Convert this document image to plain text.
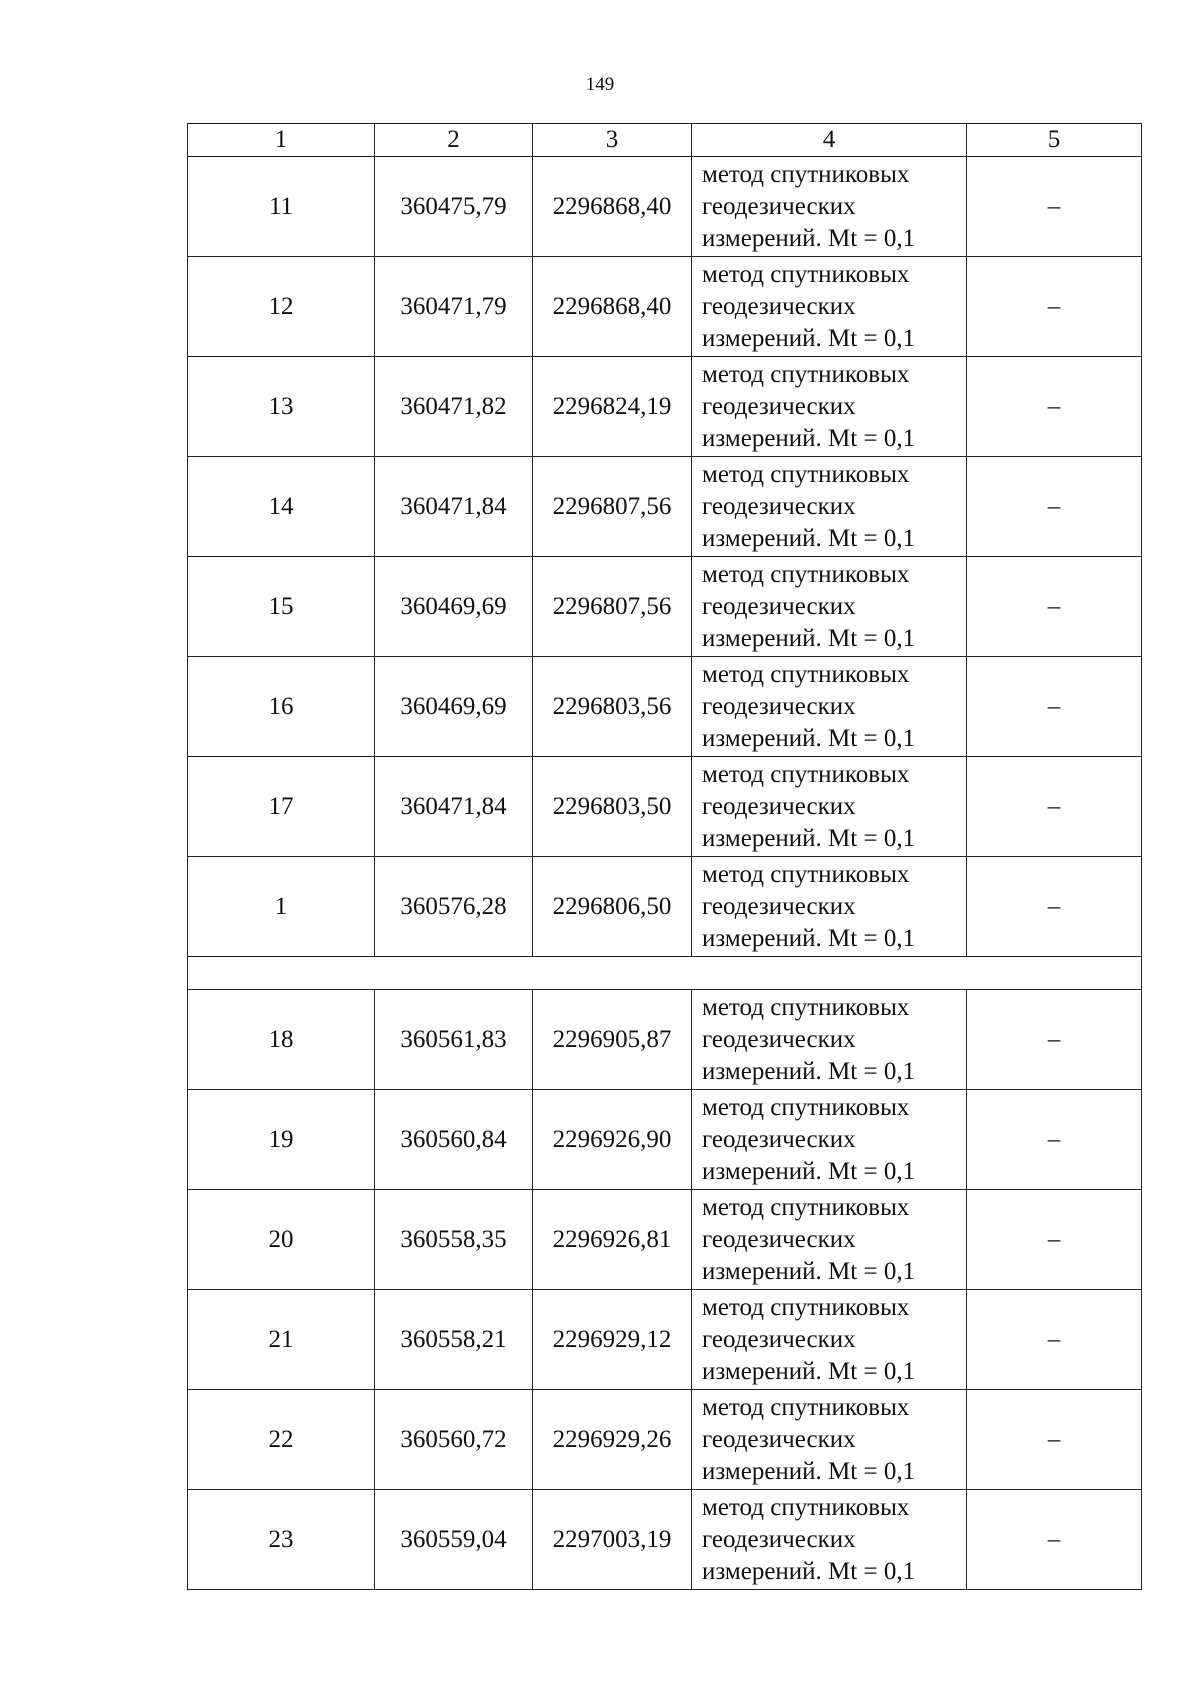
149
1	2	3	4	5
11	360475,79	2296868,40	метод спутниковых
геодезических
измерений. Mt = 0,1	–
12	360471,79	2296868,40	метод спутниковых
геодезических
измерений. Mt = 0,1	–
13	360471,82	2296824,19	метод спутниковых
геодезических
измерений. Mt = 0,1	–
14	360471,84	2296807,56	метод спутниковых
геодезических
измерений. Mt = 0,1	–
15	360469,69	2296807,56	метод спутниковых
геодезических
измерений. Mt = 0,1	–
16	360469,69	2296803,56	метод спутниковых
геодезических
измерений. Mt = 0,1	–
17	360471,84	2296803,50	метод спутниковых
геодезических
измерений. Mt = 0,1	–
1	360576,28	2296806,50	метод спутниковых
геодезических
измерений. Mt = 0,1	–

18	360561,83	2296905,87	метод спутниковых
геодезических
измерений. Mt = 0,1	–
19	360560,84	2296926,90	метод спутниковых
геодезических
измерений. Mt = 0,1	–
20	360558,35	2296926,81	метод спутниковых
геодезических
измерений. Mt = 0,1	–
21	360558,21	2296929,12	метод спутниковых
геодезических
измерений. Mt = 0,1	–
22	360560,72	2296929,26	метод спутниковых
геодезических
измерений. Mt = 0,1	–
23	360559,04	2297003,19	метод спутниковых
геодезических
измерений. Mt = 0,1	–
